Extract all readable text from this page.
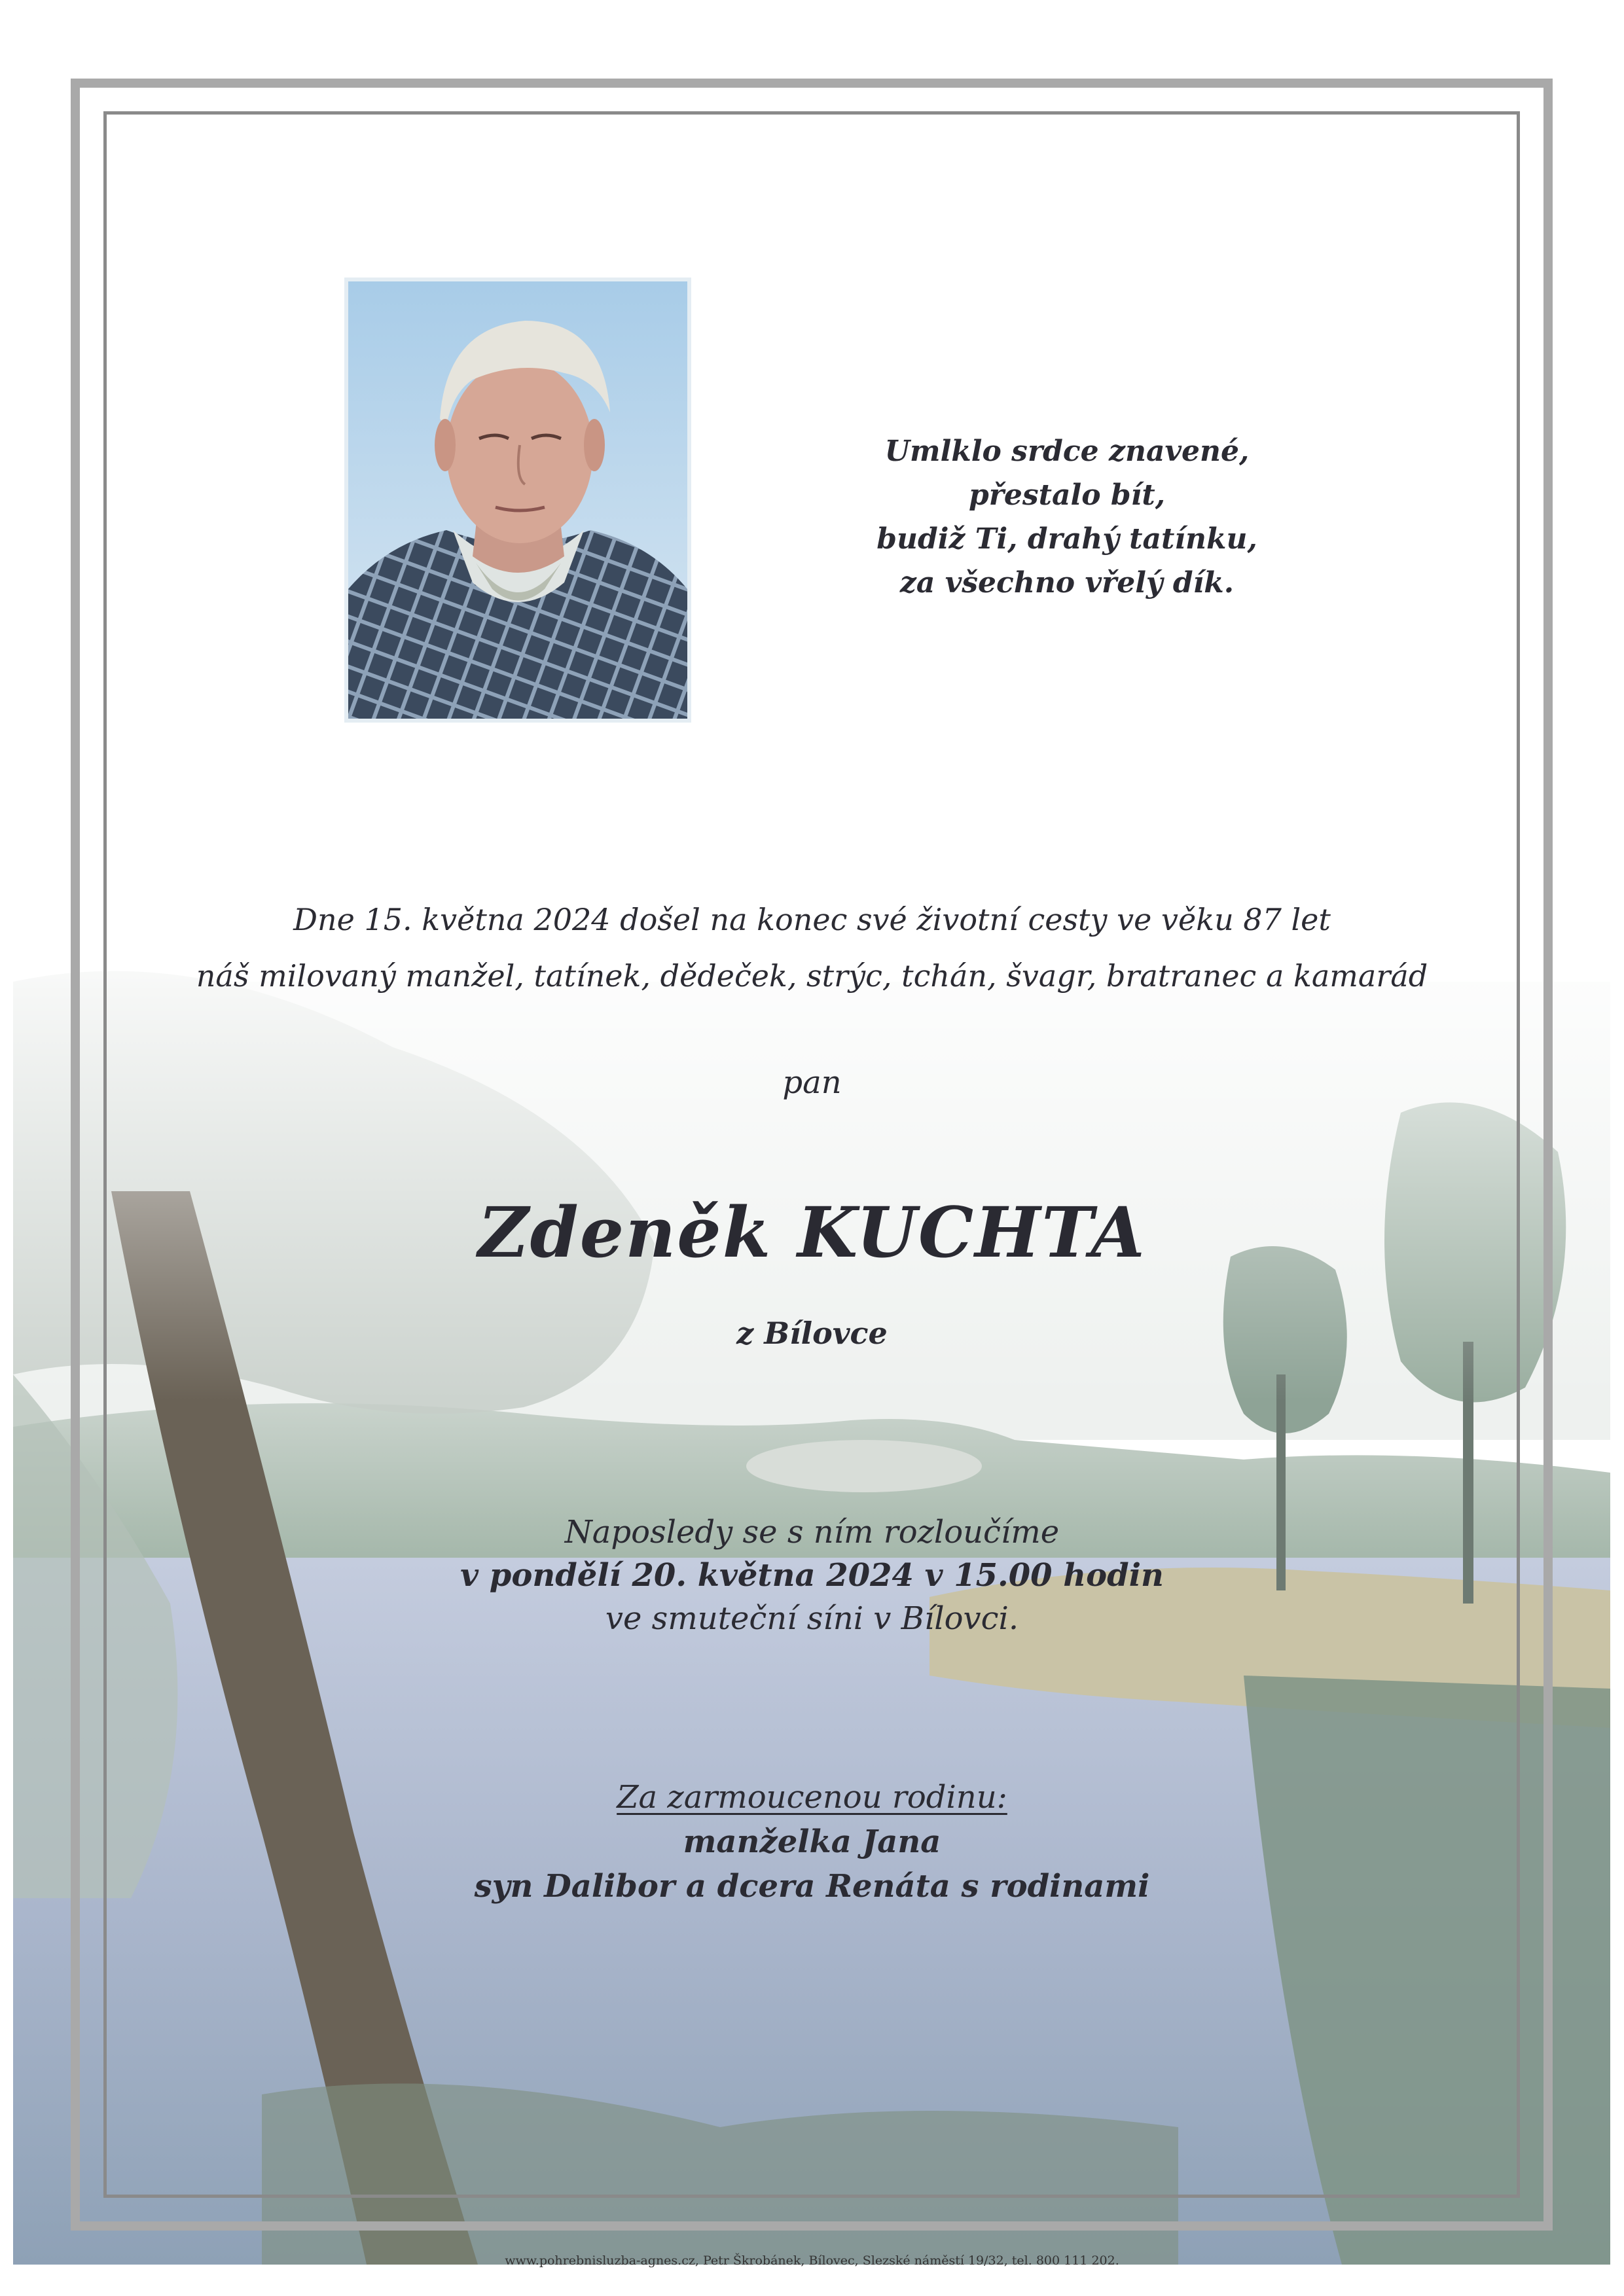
Umlklo srdce znavené,
přestalo bít,
budiž Ti, drahý tatínku,
za všechno vřelý dík.
Dne 15. května 2024 došel na konec své životní cesty ve věku 87 let
náš milovaný manžel, tatínek, dědeček, strýc, tchán, švagr, bratranec a kamarád
pan
Zdeněk KUCHTA
z Bílovce
Naposledy se s ním rozloučíme
v pondělí 20. května 2024 v 15.00 hodin
ve smuteční síni v Bílovci.
Za zarmoucenou rodinu:
manželka Jana
syn Dalibor a dcera Renáta s rodinami
www.pohrebnisluzba-agnes.cz, Petr Škrobánek, Bílovec, Slezské náměstí 19/32, tel. 800 111 202.
